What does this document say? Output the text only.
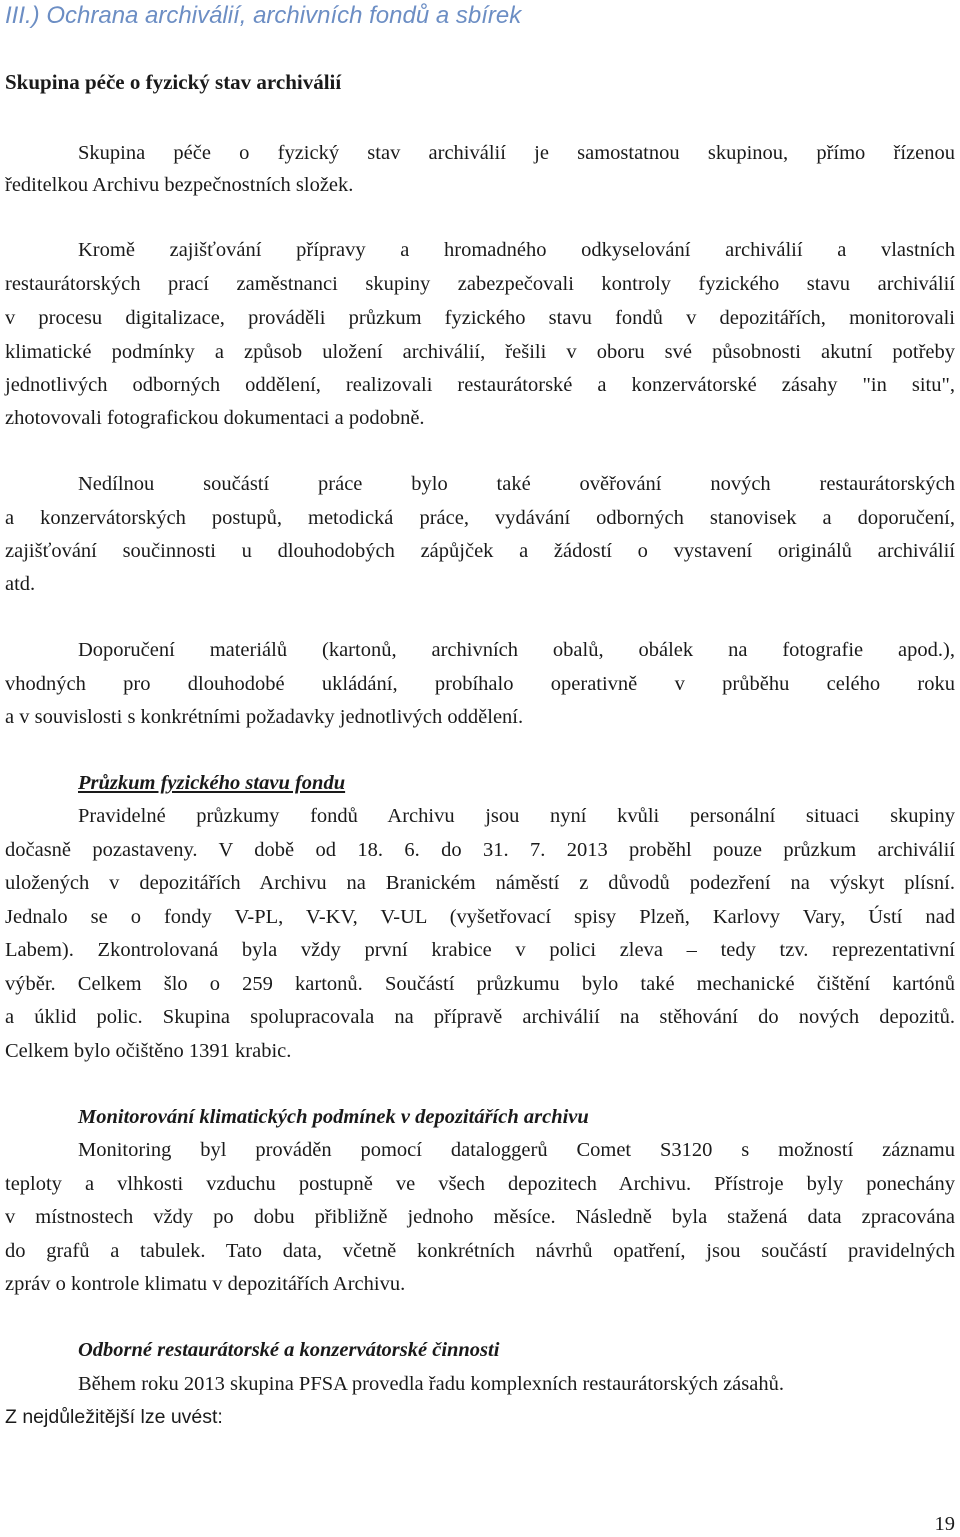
III.) Ochrana archiválií, archivních fondů a sbírek
Skupina péče o fyzický stav archiválií
Skupina péče o fyzický stav archiválií je samostatnou skupinou, přímo řízenou
ředitelkou Archivu bezpečnostních složek.
Kromě zajišťování přípravy a hromadného odkyselování archiválií a vlastních
restaurátorských prací zaměstnanci skupiny zabezpečovali kontroly fyzického stavu archiválií
v procesu digitalizace, prováděli průzkum fyzického stavu fondů v depozitářích, monitorovali
klimatické podmínky a způsob uložení archiválií, řešili v oboru své působnosti akutní potřeby
jednotlivých odborných oddělení, realizovali restaurátorské a konzervátorské zásahy "in situ",
zhotovovali fotografickou dokumentaci a podobně.
Nedílnou součástí práce bylo také ověřování nových restaurátorských
a konzervátorských postupů, metodická práce, vydávání odborných stanovisek a doporučení,
zajišťování součinnosti u dlouhodobých zápůjček a žádostí o vystavení originálů archiválií
atd.
Doporučení materiálů (kartonů, archivních obalů, obálek na fotografie apod.),
vhodných pro dlouhodobé ukládání, probíhalo operativně v průběhu celého roku
a v souvislosti s konkrétními požadavky jednotlivých oddělení.
Průzkum fyzického stavu fondu
Pravidelné průzkumy fondů Archivu jsou nyní kvůli personální situaci skupiny
dočasně pozastaveny. V době od 18. 6. do 31. 7. 2013 proběhl pouze průzkum archiválií
uložených v depozitářích Archivu na Branickém náměstí z důvodů podezření na výskyt plísní.
Jednalo se o fondy V-PL, V-KV, V-UL (vyšetřovací spisy Plzeň, Karlovy Vary, Ústí nad
Labem). Zkontrolovaná byla vždy první krabice v polici zleva – tedy tzv. reprezentativní
výběr. Celkem šlo o 259 kartonů. Součástí průzkumu bylo také mechanické čištění kartónů
a úklid polic. Skupina spolupracovala na přípravě archiválií na stěhování do nových depozitů.
Celkem bylo očištěno 1391 krabic.
Monitorování klimatických podmínek v depozitářích archivu
Monitoring byl prováděn pomocí dataloggerů Comet S3120 s možností záznamu
teploty a vlhkosti vzduchu postupně ve všech depozitech Archivu. Přístroje byly ponechány
v místnostech vždy po dobu přibližně jednoho měsíce. Následně byla stažená data zpracována
do grafů a tabulek. Tato data, včetně konkrétních návrhů opatření, jsou součástí pravidelných
zpráv o kontrole klimatu v depozitářích Archivu.
Odborné restaurátorské a konzervátorské činnosti
Během roku 2013 skupina PFSA provedla řadu komplexních restaurátorských zásahů.
Z nejdůležitější lze uvést:
19
